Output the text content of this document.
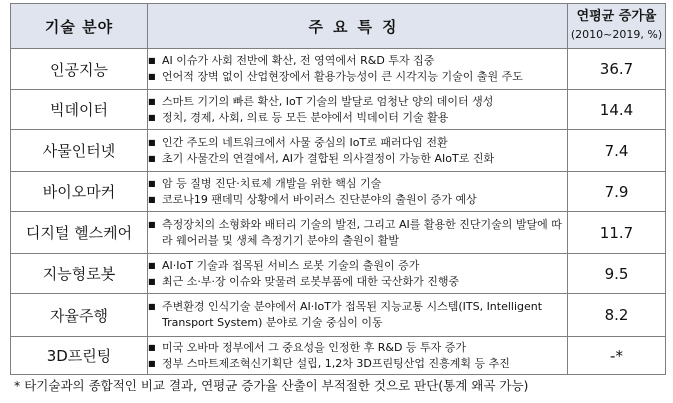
기술 분야	주요특징	연평균 증가율
(2010~2019, %)

인공지능	■ AI 이슈가 사회 전반에 확산, 전 영역에서 R&D 투자 집중
■ 언어적 장벽 없이 산업현장에서 활용가능성이 큰 시각지능 기술이 출원 주도	36.7
빅데이터	■ 스마트 기기의 빠른 확산, IoT 기술의 발달로 엄청난 양의 데이터 생성
■ 정치, 경제, 사회, 의료 등 모든 분야에서 빅데이터 기술 활용	14.4
사물인터넷	■ 인간 주도의 네트워크에서 사물 중심의 IoT로 패러다임 전환
■ 초기 사물간의 연결에서, AI가 결합된 의사결정이 가능한 AIoT로 진화	7.4
바이오마커	■ 암 등 질병 진단·치료제 개발을 위한 핵심 기술
■ 코로나19 팬데믹 상황에서 바이러스 진단분야의 출원이 증가 예상	7.9
디지털 헬스케어	■ 측정장치의 소형화와 배터리 기술의 발전, 그리고 AI를 활용한 진단기술의 발달에 따라 웨어러블 및 생체 측정기기 분야의 출원이 활발	11.7
지능형로봇	■ AI·IoT 기술과 접목된 서비스 로봇 기술의 출원이 증가
■ 최근 소·부·장 이슈와 맞물려 로봇부품에 대한 국산화가 진행중	9.5
자율주행	■ 주변환경 인식기술 분야에서 AI·IoT가 접목된 지능교통 시스템(ITS, Intelligent Transport System) 분야로 기술 중심이 이동	8.2
3D프린팅	■ 미국 오바마 정부에서 그 중요성을 인정한 후 R&D 등 투자 증가
■ 정부 스마트제조혁신기획단 설립, 1,2차 3D프린팅산업 진흥계획 등 추진	-*
* 타기술과의 종합적인 비교 결과, 연평균 증가율 산출이 부적절한 것으로 판단(통계 왜곡 가능)
